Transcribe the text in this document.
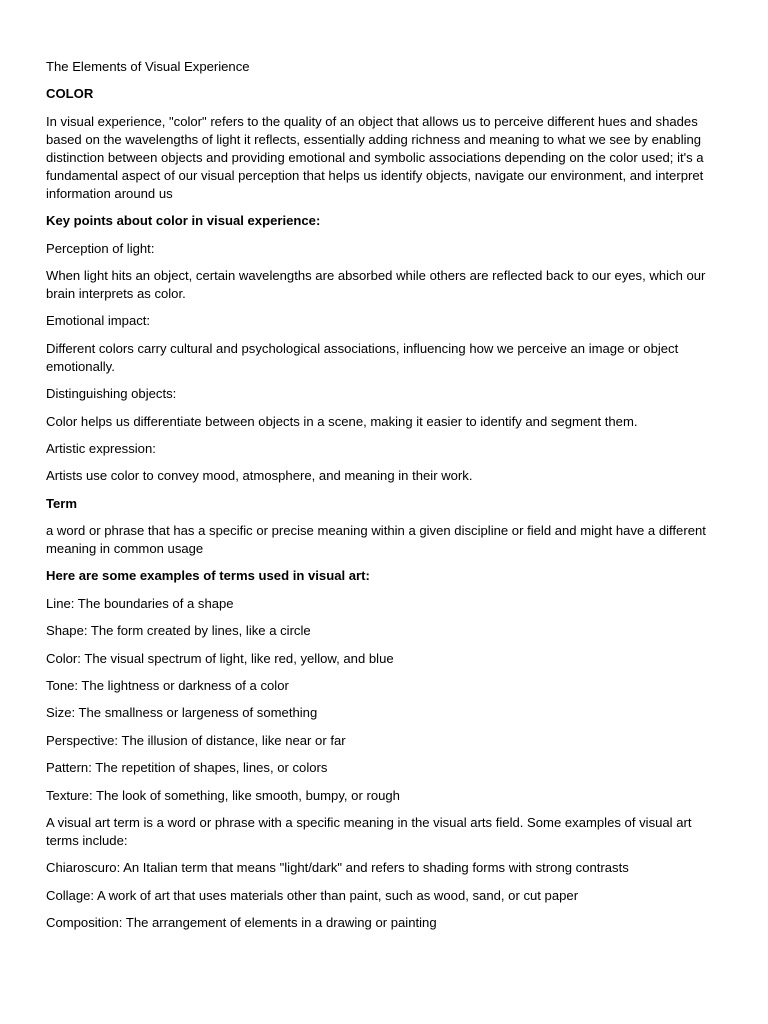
The Elements of Visual Experience

COLOR

In visual experience, "color" refers to the quality of an object that allows us to perceive different hues and shades based on the wavelengths of light it reflects, essentially adding richness and meaning to what we see by enabling distinction between objects and providing emotional and symbolic associations depending on the color used; it's a fundamental aspect of our visual perception that helps us identify objects, navigate our environment, and interpret information around us

Key points about color in visual experience:

Perception of light:

When light hits an object, certain wavelengths are absorbed while others are reflected back to our eyes, which our brain interprets as color.

Emotional impact:

Different colors carry cultural and psychological associations, influencing how we perceive an image or object emotionally.

Distinguishing objects:

Color helps us differentiate between objects in a scene, making it easier to identify and segment them.

Artistic expression:

Artists use color to convey mood, atmosphere, and meaning in their work.

Term

a word or phrase that has a specific or precise meaning within a given discipline or field and might have a different meaning in common usage

Here are some examples of terms used in visual art:

Line: The boundaries of a shape

Shape: The form created by lines, like a circle

Color: The visual spectrum of light, like red, yellow, and blue

Tone: The lightness or darkness of a color

Size: The smallness or largeness of something

Perspective: The illusion of distance, like near or far

Pattern: The repetition of shapes, lines, or colors

Texture: The look of something, like smooth, bumpy, or rough

A visual art term is a word or phrase with a specific meaning in the visual arts field. Some examples of visual art terms include:

Chiaroscuro: An Italian term that means "light/dark" and refers to shading forms with strong contrasts

Collage: A work of art that uses materials other than paint, such as wood, sand, or cut paper

Composition: The arrangement of elements in a drawing or painting
